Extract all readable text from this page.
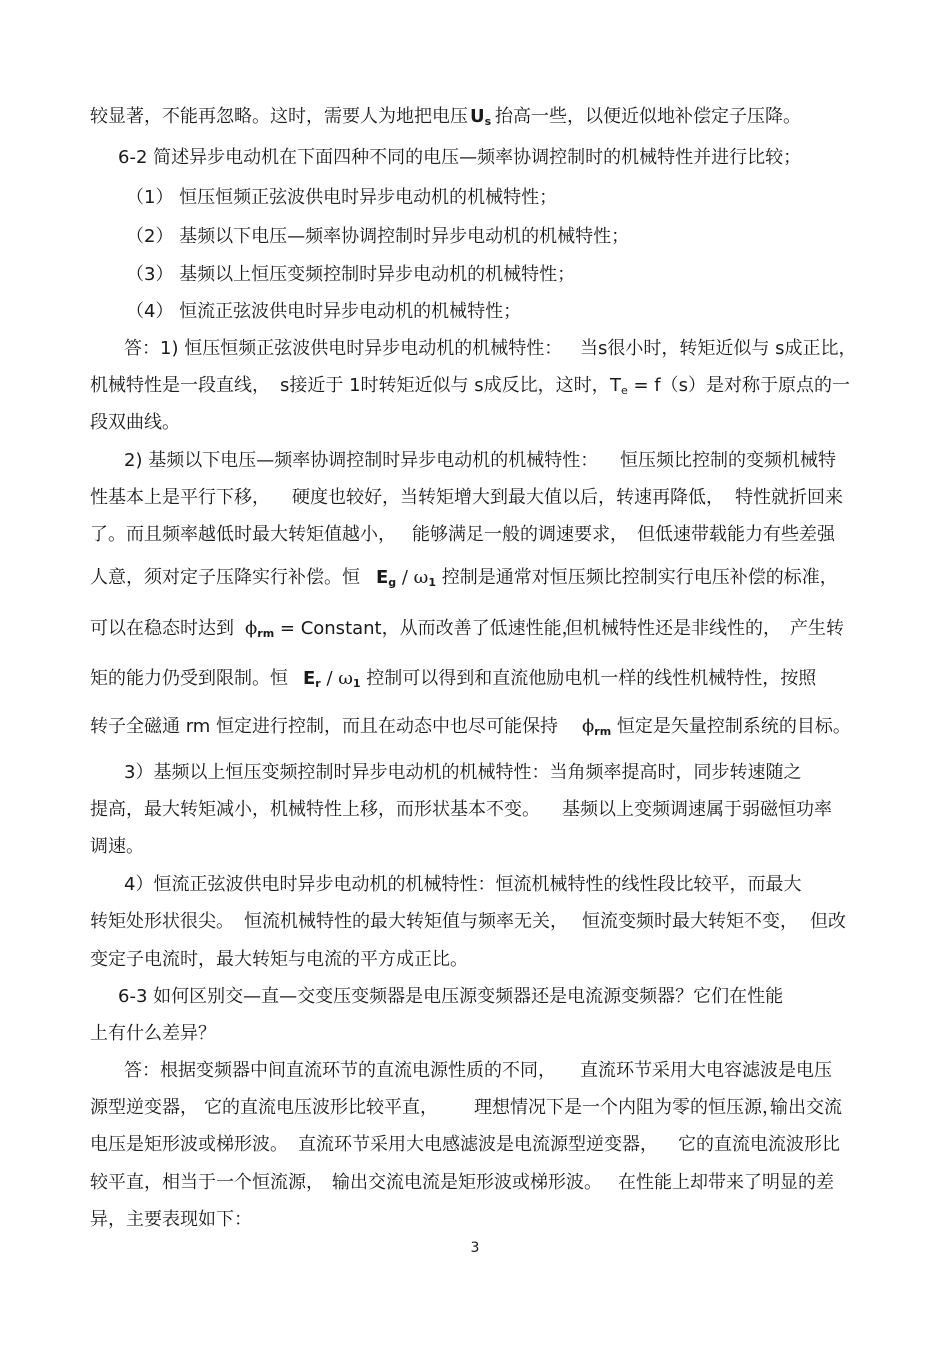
较显著，不能再忽略。这时，需要人为地把电压 $U_s$ 抬高一些，以便近似地补偿定子压降。
6-2 简述异步电动机在下面四种不同的电压—频率协调控制时的机械特性并进行比较；
（1） 恒压恒频正弦波供电时异步电动机的机械特性；
（2） 基频以下电压—频率协调控制时异步电动机的机械特性；
（3） 基频以上恒压变频控制时异步电动机的机械特性；
（4） 恒流正弦波供电时异步电动机的机械特性；
答：1) 恒压恒频正弦波供电时异步电动机的机械特性： 当s很小时，转矩近似与 s成正比，
机械特性是一段直线， s接近于 1时转矩近似与 s成反比，这时， $T_e = f(s)$是对称于原点的一
段双曲线。
2) 基频以下电压—频率协调控制时异步电动机的机械特性： 恒压频比控制的变频机械特
性基本上是平行下移， 硬度也较好，当转矩增大到最大值以后，转速再降低， 特性就折回来
了。而且频率越低时最大转矩值越小， 能够满足一般的调速要求， 但低速带载能力有些差强
人意，须对定子压降实行补偿。恒 $E_g / \omega_1$ 控制是通常对恒压频比控制实行电压补偿的标准，
可以在稳态时达到 $\phi_{rm}$ = Constant，从而改善了低速性能，
但机械特性还是非线性的， 产生转
矩的能力仍受到限制。恒 $E_r / \omega_1$ 控制可以得到和直流他励电机一样的线性机械特性，按照
转子全磁通 rm 恒定进行控制，而且在动态中也尽可能保持 $\phi_{rm}$ 恒定是矢量控制系统的目标。
3）基频以上恒压变频控制时异步电动机的机械特性：当角频率提高时，同步转速随之
提高，最大转矩减小，机械特性上移，而形状基本不变。 基频以上变频调速属于弱磁恒功率
调速。
4）恒流正弦波供电时异步电动机的机械特性：恒流机械特性的线性段比较平，而最大
转矩处形状很尖。 恒流机械特性的最大转矩值与频率无关， 恒流变频时最大转矩不变， 但改
变定子电流时，最大转矩与电流的平方成正比。
6-3 如何区别交—直—交变压变频器是电压源变频器还是电流源变频器？它们在性能
上有什么差异？
答：根据变频器中间直流环节的直流电源性质的不同， 直流环节采用大电容滤波是电压
源型逆变器， 它的直流电压波形比较平直， 理想情况下是一个内阻为零的恒压源，
输出交流
电压是矩形波或梯形波。 直流环节采用大电感滤波是电流源型逆变器， 它的直流电流波形比
较平直，相当于一个恒流源， 输出交流电流是矩形波或梯形波。 在性能上却带来了明显的差
异，主要表现如下：
3
